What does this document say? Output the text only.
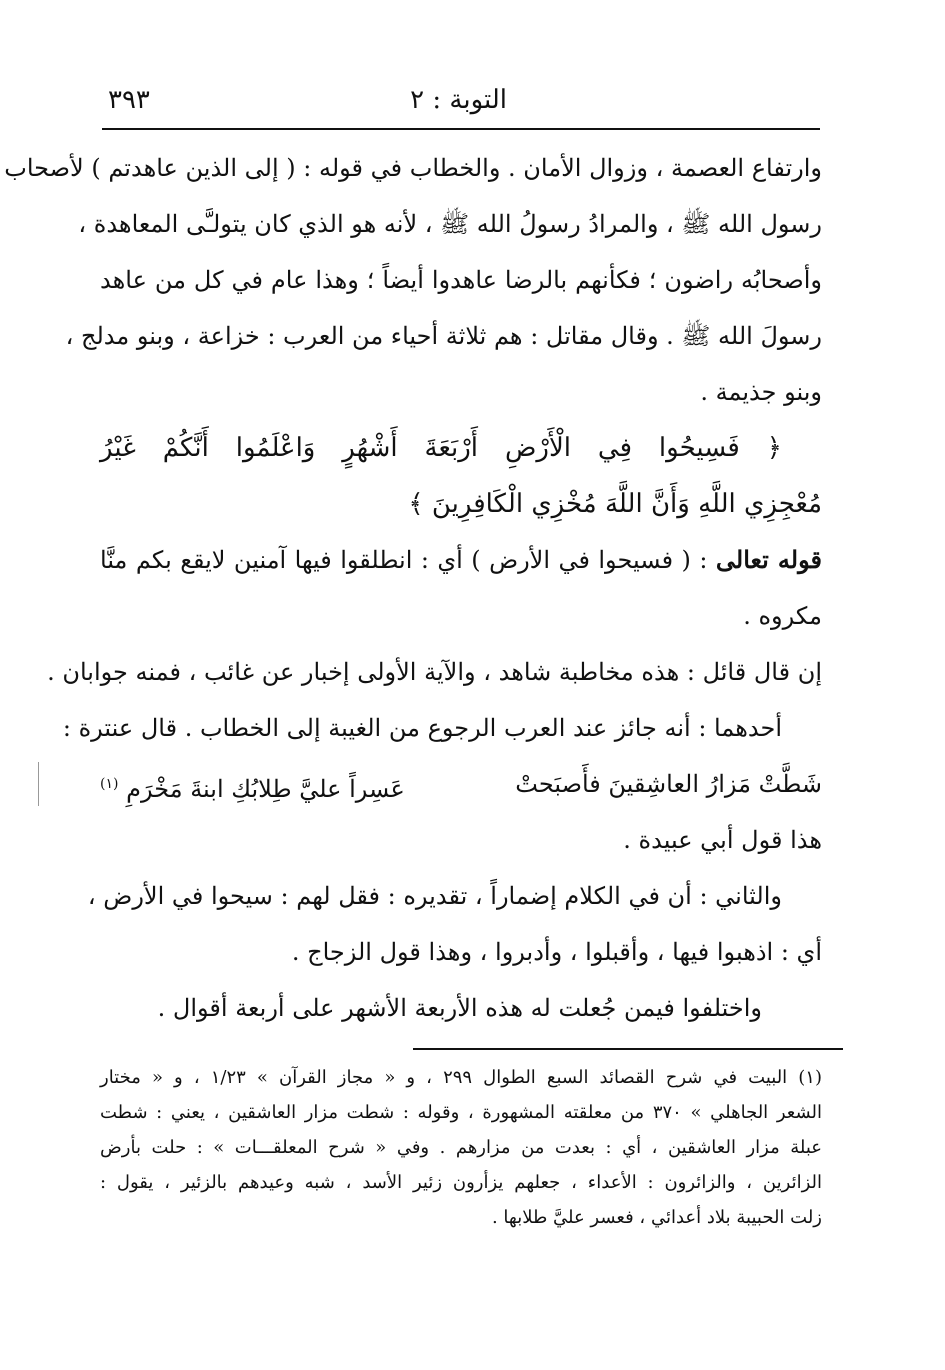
التوبة : ٢
٣٩٣
وارتفاع العصمة ، وزوال الأمان . والخطاب في قوله : ( إلى الذين عاهدتم ) لأصحاب
رسول الله ﷺ ، والمرادُ رسولُ الله ﷺ ، لأنه هو الذي كان يتولـَّى المعاهدة ،
وأصحابُه راضون ؛ فكأنهم بالرضا عاهدوا أيضاً ؛ وهذا عام في كل من عاهد
رسولَ الله ﷺ . وقال مقاتل : هم ثلاثة أحياء من العرب : خزاعة ، وبنو مدلج ،
وبنو جذيمة .
﴿ فَسِيحُوا فِي الْأَرْضِ أَرْبَعَةَ أَشْهُرٍ وَاعْلَمُوا أَنَّكُمْ غَيْرُ
مُعْجِزِي اللَّهِ وَأَنَّ اللَّهَ مُخْزِي الْكَافِرِينَ ﴾
قوله تعالى : ( فسيحوا في الأرض ) أي : انطلقوا فيها آمنين لايقع بكم منَّا
مكروه .
إن قال قائل : هذه مخاطبة شاهد ، والآية الأولى إخبار عن غائب ، فمنه جوابان .
أحدهما : أنه جائز عند العرب الرجوع من الغيبة إلى الخطاب . قال عنترة :
شَطَّتْ مَزارُ العاشِقينَ فأَصبَحتْ
عَسِراً عليَّ طِلابُكِ ابنةَ مَخْرَمِ $^{(١)}$
هذا قول أبي عبيدة .
والثاني : أن في الكلام إضماراً ، تقديره : فقل لهم : سيحوا في الأرض ،
أي : اذهبوا فيها ، وأقبلوا ، وأدبروا ، وهذا قول الزجاج .
واختلفوا فيمن جُعلت له هذه الأربعة الأشهر على أربعة أقوال .
(١) البيت في شرح القصائد السبع الطوال ٢٩٩ ، و « مجاز القرآن » ١/٢٣ ، و « مختار
الشعر الجاهلي » ٣٧٠ من معلقته المشهورة ، وقوله : شطت مزار العاشقين ، يعني : شطت
عبلة مزار العاشقين ، أي : بعدت من مزارهم . وفي « شرح المعلقـــات » : حلت بأرض
الزائرين ، والزائرون : الأعداء ، جعلهم يزأرون زئير الأسد ، شبه وعيدهم بالزئير ، يقول :
زلت الحبيبة بلاد أعدائي ، فعسر عليَّ طلابها .
